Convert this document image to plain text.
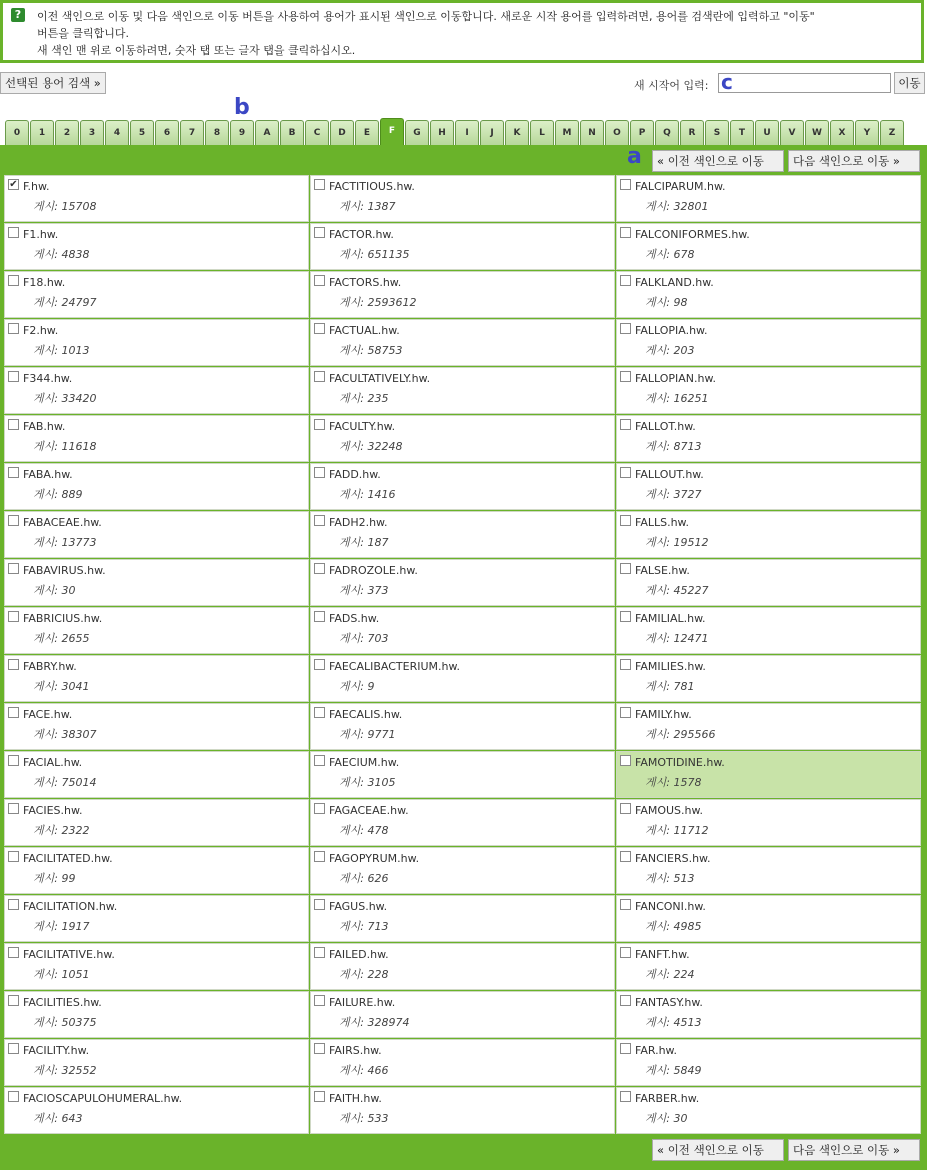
?	이전 색인으로 이동 및 다음 색인으로 이동 버튼을 사용하여 용어가 표시된 색인으로 이동합니다. 새로운 시작 용어를 입력하려면, 용어를 검색란에 입력하고 "이동"
버튼을 클릭합니다.
새 색인 맨 위로 이동하려면, 숫자 탭 또는 글자 탭을 클릭하십시오.
선택된 용어 검색 »	새 시작어 입력:	이동
c
b
0	1	2	3	4	5	6	7	8	9	A	B	C	D	E	F	G	H	I	J	K	L	M	N	O	P	Q	R	S	T	U	V	W	X	Y	Z
a	« 이전 색인으로 이동	다음 색인으로 이동 »
✔ F.hw.
게시: 15708
FACTITIOUS.hw.
게시: 1387
FALCIPARUM.hw.
게시: 32801
F1.hw.
게시: 4838
FACTOR.hw.
게시: 651135
FALCONIFORMES.hw.
게시: 678
F18.hw.
게시: 24797
FACTORS.hw.
게시: 2593612
FALKLAND.hw.
게시: 98
F2.hw.
게시: 1013
FACTUAL.hw.
게시: 58753
FALLOPIA.hw.
게시: 203
F344.hw.
게시: 33420
FACULTATIVELY.hw.
게시: 235
FALLOPIAN.hw.
게시: 16251
FAB.hw.
게시: 11618
FACULTY.hw.
게시: 32248
FALLOT.hw.
게시: 8713
FABA.hw.
게시: 889
FADD.hw.
게시: 1416
FALLOUT.hw.
게시: 3727
FABACEAE.hw.
게시: 13773
FADH2.hw.
게시: 187
FALLS.hw.
게시: 19512
FABAVIRUS.hw.
게시: 30
FADROZOLE.hw.
게시: 373
FALSE.hw.
게시: 45227
FABRICIUS.hw.
게시: 2655
FADS.hw.
게시: 703
FAMILIAL.hw.
게시: 12471
FABRY.hw.
게시: 3041
FAECALIBACTERIUM.hw.
게시: 9
FAMILIES.hw.
게시: 781
FACE.hw.
게시: 38307
FAECALIS.hw.
게시: 9771
FAMILY.hw.
게시: 295566
FACIAL.hw.
게시: 75014
FAECIUM.hw.
게시: 3105
FAMOTIDINE.hw.
게시: 1578
FACIES.hw.
게시: 2322
FAGACEAE.hw.
게시: 478
FAMOUS.hw.
게시: 11712
FACILITATED.hw.
게시: 99
FAGOPYRUM.hw.
게시: 626
FANCIERS.hw.
게시: 513
FACILITATION.hw.
게시: 1917
FAGUS.hw.
게시: 713
FANCONI.hw.
게시: 4985
FACILITATIVE.hw.
게시: 1051
FAILED.hw.
게시: 228
FANFT.hw.
게시: 224
FACILITIES.hw.
게시: 50375
FAILURE.hw.
게시: 328974
FANTASY.hw.
게시: 4513
FACILITY.hw.
게시: 32552
FAIRS.hw.
게시: 466
FAR.hw.
게시: 5849
FACIOSCAPULOHUMERAL.hw.
게시: 643
FAITH.hw.
게시: 533
FARBER.hw.
게시: 30
« 이전 색인으로 이동	다음 색인으로 이동 »
